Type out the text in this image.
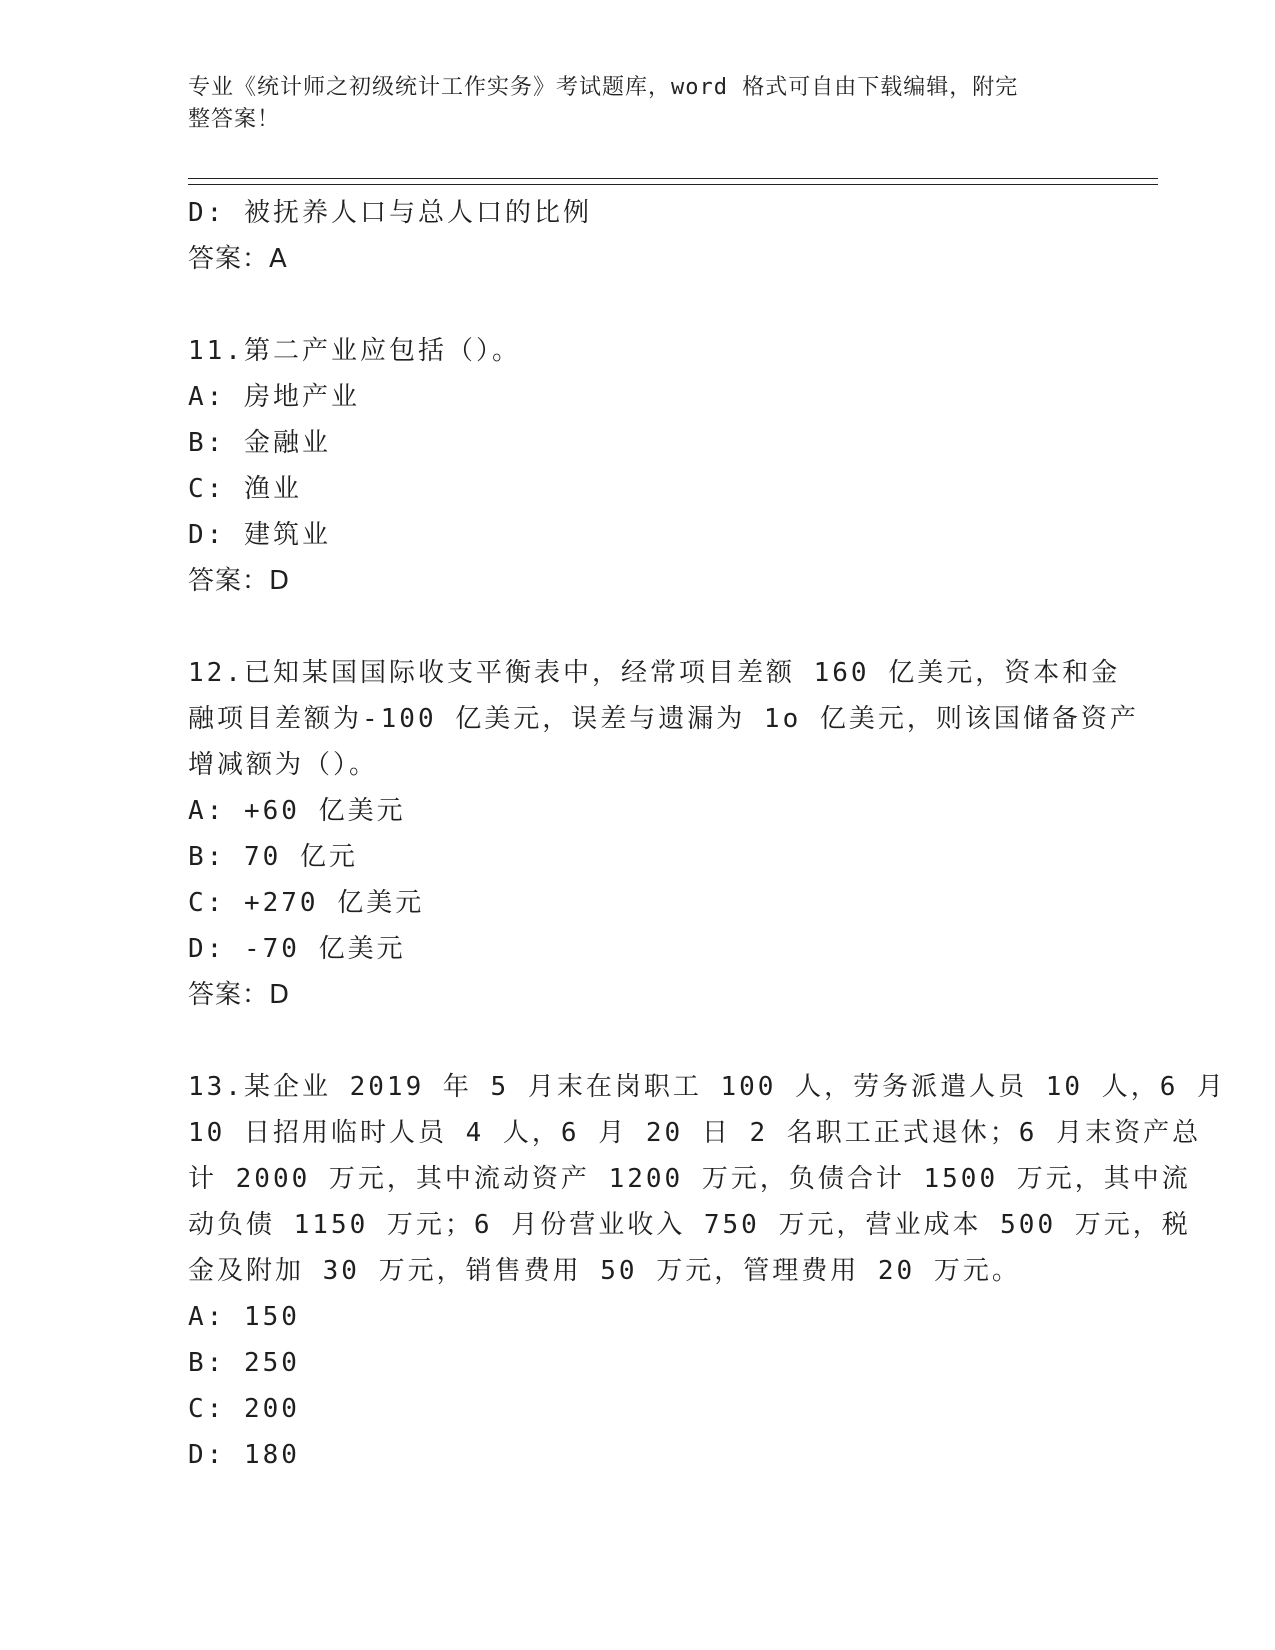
专业《统计师之初级统计工作实务》考试题库，word 格式可自由下载编辑，附完
整答案！
D: 被抚养人口与总人口的比例
答案：A
11.第二产业应包括（）。
A: 房地产业
B: 金融业
C: 渔业
D: 建筑业
答案：D
12.已知某国国际收支平衡表中，经常项目差额 160 亿美元，资本和金
融项目差额为-100 亿美元，误差与遗漏为 1o 亿美元，则该国储备资产
增减额为（）。
A: +60 亿美元
B: 70 亿元
C: +270 亿美元
D: -70 亿美元
答案：D
13.某企业 2019 年 5 月末在岗职工 100 人，劳务派遣人员 10 人，6 月
10 日招用临时人员 4 人，6 月 20 日 2 名职工正式退休；6 月末资产总
计 2000 万元，其中流动资产 1200 万元，负债合计 1500 万元，其中流
动负债 1150 万元；6 月份营业收入 750 万元，营业成本 500 万元，税
金及附加 30 万元，销售费用 50 万元，管理费用 20 万元。
A: 150
B: 250
C: 200
D: 180
